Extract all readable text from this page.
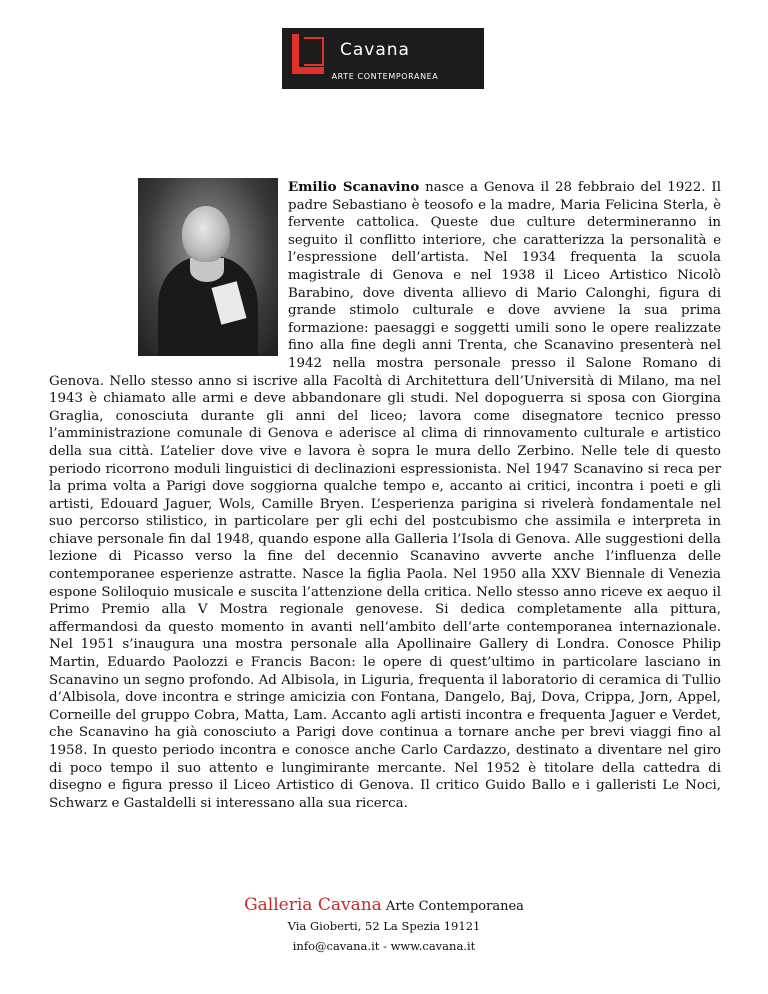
Cavana
ARTE CONTEMPORANEA

Emilio Scanavino nasce a Genova il 28 febbraio del 1922. Il padre Sebastiano è teosofo e la madre, Maria Felicina Sterla, è fervente cattolica. Queste due culture determineranno in seguito il conflitto interiore, che caratterizza la personalità e l’espressione dell’artista. Nel 1934 frequenta la scuola magistrale di Genova e nel 1938 il Liceo Artistico Nicolò Barabino, dove diventa allievo di Mario Calonghi, figura di grande stimolo culturale e dove avviene la sua prima formazione: paesaggi e soggetti umili sono le opere realizzate fino alla fine degli anni Trenta, che Scanavino presenterà nel 1942 nella mostra personale presso il Salone Romano di Genova. Nello stesso anno si iscrive alla Facoltà di Architettura dell’Università di Milano, ma nel 1943 è chiamato alle armi e deve abbandonare gli studi. Nel dopoguerra si sposa con Giorgina Graglia, conosciuta durante gli anni del liceo; lavora come disegnatore tecnico presso l’amministrazione comunale di Genova e aderisce al clima di rinnovamento culturale e artistico della sua città. L’atelier dove vive e lavora è sopra le mura dello Zerbino. Nelle tele di questo periodo ricorrono moduli linguistici di declinazioni espressionista. Nel 1947 Scanavino si reca per la prima volta a Parigi dove soggiorna qualche tempo e, accanto ai critici, incontra i poeti e gli artisti, Edouard Jaguer, Wols, Camille Bryen. L’esperienza parigina si rivelerà fondamentale nel suo percorso stilistico, in particolare per gli echi del postcubismo che assimila e interpreta in chiave personale fin dal 1948, quando espone alla Galleria l’Isola di Genova. Alle suggestioni della lezione di Picasso verso la fine del decennio Scanavino avverte anche l’influenza delle contemporanee esperienze astratte. Nasce la figlia Paola. Nel 1950 alla XXV Biennale di Venezia espone Soliloquio musicale e suscita l’attenzione della critica. Nello stesso anno riceve ex aequo il Primo Premio alla V Mostra regionale genovese. Si dedica completamente alla pittura, affermandosi da questo momento in avanti nell’ambito dell’arte contemporanea internazionale. Nel 1951 s’inaugura una mostra personale alla Apollinaire Gallery di Londra. Conosce Philip Martin, Eduardo Paolozzi e Francis Bacon: le opere di quest’ultimo in particolare lasciano in Scanavino un segno profondo. Ad Albisola, in Liguria, frequenta il laboratorio di ceramica di Tullio d’Albisola, dove incontra e stringe amicizia con Fontana, Dangelo, Baj, Dova, Crippa, Jorn, Appel, Corneille del gruppo Cobra, Matta, Lam. Accanto agli artisti incontra e frequenta Jaguer e Verdet, che Scanavino ha già conosciuto a Parigi dove continua a tornare anche per brevi viaggi fino al 1958. In questo periodo incontra e conosce anche Carlo Cardazzo, destinato a diventare nel giro di poco tempo il suo attento e lungimirante mercante. Nel 1952 è titolare della cattedra di disegno e figura presso il Liceo Artistico di Genova. Il critico Guido Ballo e i galleristi Le Noci, Schwarz e Gastaldelli si interessano alla sua ricerca.

Galleria Cavana Arte Contemporanea
Via Gioberti, 52 La Spezia 19121
info@cavana.it - www.cavana.it
